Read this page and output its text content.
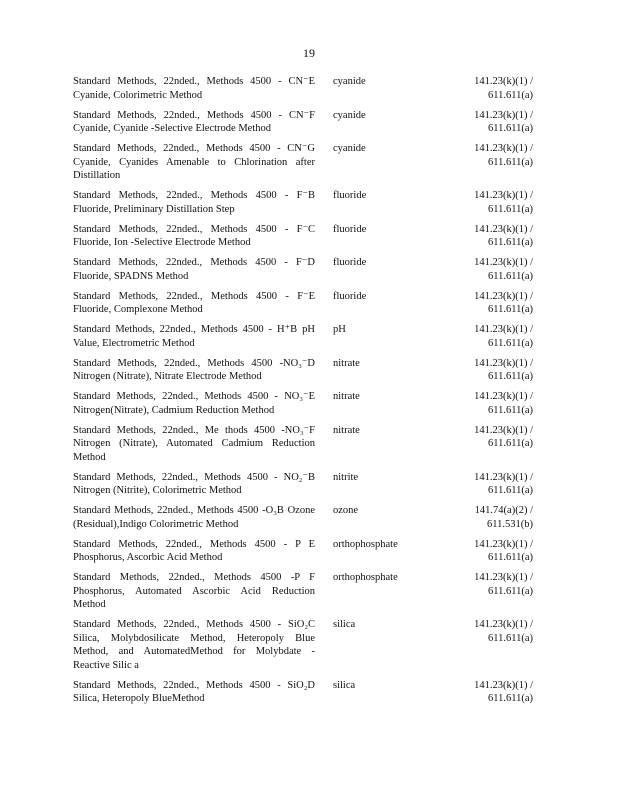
19
Standard Methods, 22nded., Methods 4500 - CN⁻E Cyanide, Colorimetric Method
cyanide	141.23(k)(1) /
611.611(a)
Standard Methods, 22nded., Methods 4500 - CN⁻F Cyanide, Cyanide -Selective Electrode Method
cyanide	141.23(k)(1) /
611.611(a)
Standard Methods, 22nded., Methods 4500 - CN⁻G Cyanide, Cyanides Amenable to Chlorination after Distillation
cyanide	141.23(k)(1) /
611.611(a)
Standard Methods, 22nded., Methods 4500 - F⁻B Fluoride, Preliminary Distillation Step
fluoride	141.23(k)(1) /
611.611(a)
Standard Methods, 22nded., Methods 4500 - F⁻C Fluoride, Ion -Selective Electrode Method
fluoride	141.23(k)(1) /
611.611(a)
Standard Methods, 22nded., Methods 4500 - F⁻D Fluoride, SPADNS Method
fluoride	141.23(k)(1) /
611.611(a)
Standard Methods, 22nded., Methods 4500 - F⁻E Fluoride, Complexone Method
fluoride	141.23(k)(1) /
611.611(a)
Standard Methods, 22nded., Methods 4500 - H⁺B pH Value, Electrometric Method
pH	141.23(k)(1) /
611.611(a)
Standard Methods, 22nded., Methods 4500 -NO₃⁻D Nitrogen (Nitrate), Nitrate Electrode Method
nitrate	141.23(k)(1) /
611.611(a)
Standard Methods, 22nded., Methods 4500 - NO₃⁻E Nitrogen(Nitrate), Cadmium Reduction Method
nitrate	141.23(k)(1) /
611.611(a)
Standard Methods, 22nded., Me thods 4500 -NO₃⁻F Nitrogen (Nitrate), Automated Cadmium Reduction Method
nitrate	141.23(k)(1) /
611.611(a)
Standard Methods, 22nded., Methods 4500 - NO₂⁻B Nitrogen (Nitrite), Colorimetric Method
nitrite	141.23(k)(1) /
611.611(a)
Standard Methods, 22nded., Methods 4500 -O₃B Ozone (Residual),Indigo Colorimetric Method
ozone	141.74(a)(2) /
611.531(b)
Standard Methods, 22nded., Methods 4500 - P E Phosphorus, Ascorbic Acid Method
orthophosphate	141.23(k)(1) /
611.611(a)
Standard Methods, 22nded., Methods 4500 -P F Phosphorus, Automated Ascorbic Acid Reduction Method
orthophosphate	141.23(k)(1) /
611.611(a)
Standard Methods, 22nded., Methods 4500 - SiO₂C Silica, Molybdosilicate Method, Heteropoly Blue Method, and AutomatedMethod for Molybdate - Reactive Silic a
silica	141.23(k)(1) /
611.611(a)
Standard Methods, 22nded., Methods 4500 - SiO₂D Silica, Heteropoly BlueMethod
silica	141.23(k)(1) /
611.611(a)
